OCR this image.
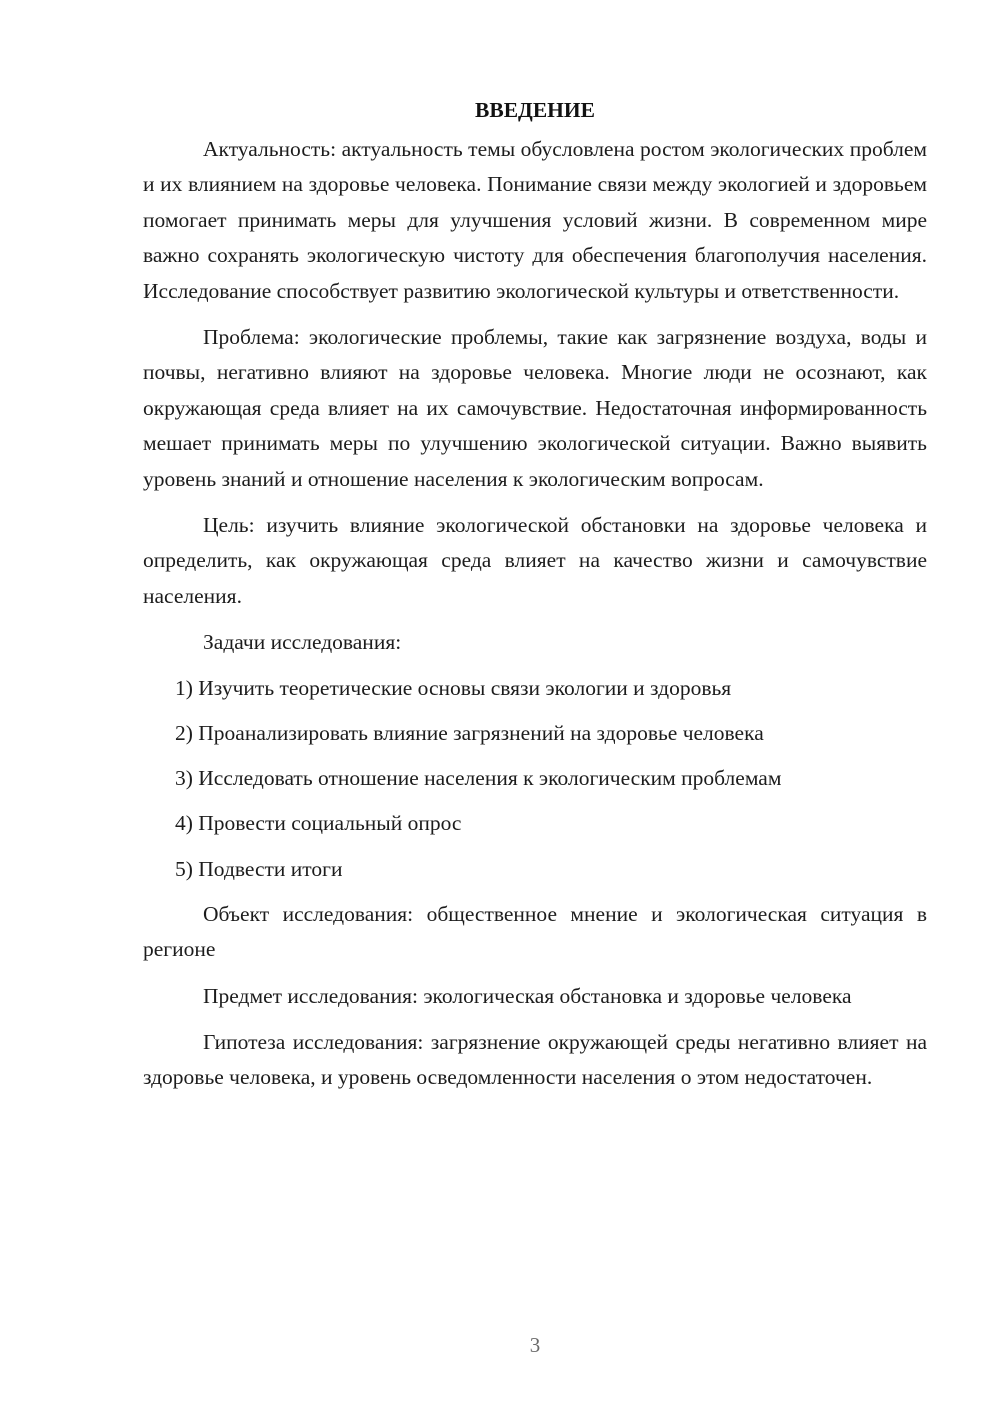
ВВЕДЕНИЕ

Актуальность: актуальность темы обусловлена ростом экологических проблем и их влиянием на здоровье человека. Понимание связи между экологией и здоровьем помогает принимать меры для улучшения условий жизни. В современном мире важно сохранять экологическую чистоту для обеспечения благополучия населения. Исследование способствует развитию экологической культуры и ответственности.

Проблема: экологические проблемы, такие как загрязнение воздуха, воды и почвы, негативно влияют на здоровье человека. Многие люди не осознают, как окружающая среда влияет на их самочувствие. Недостаточная информированность мешает принимать меры по улучшению экологической ситуации. Важно выявить уровень знаний и отношение населения к экологическим вопросам.

Цель: изучить влияние экологической обстановки на здоровье человека и определить, как окружающая среда влияет на качество жизни и самочувствие населения.

Задачи исследования:

1) Изучить теоретические основы связи экологии и здоровья
2) Проанализировать влияние загрязнений на здоровье человека
3) Исследовать отношение населения к экологическим проблемам
4) Провести социальный опрос
5) Подвести итоги

Объект исследования: общественное мнение и экологическая ситуация в регионе

Предмет исследования: экологическая обстановка и здоровье человека

Гипотеза исследования: загрязнение окружающей среды негативно влияет на здоровье человека, и уровень осведомленности населения о этом недостаточен.

3
